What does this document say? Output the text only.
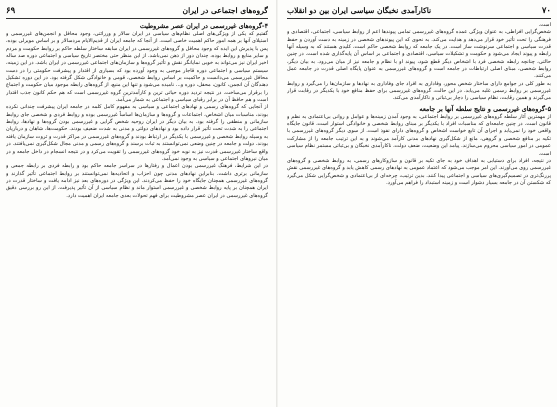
گروه‌های اجتماعی در ایران
۶۹
۴-گروه‌های غیررسمی در ایران عصر مشروطیت

گفتیم که یکی از ویژگی‌های اصلی نظام‌های سیاسی در ایران سالار و ورراثتی، وجود محافل و انجمن‌های غیررسمی و استیلای آنها بر همه امور حاکم اهمیت خاصی است. از آنجا که جامعه ایران از قدیم‌الایام مردسالار و بر اساس مویرلی بوده، پس با پذیرش این ایده که وجود محافل و گروه‌های غیررسمی در ایران سابقه ساختار سلطه حاکم بر روابط حکومت و مردم و سایر منابع و روابط بوده، چندان دور از ذهن نمی‌باشد. از این منظر حتی مختصر تاریخ سیاسی و اجتماعی دوره صد ساله اخیر ایران نیز می‌تواند به خوبی نمایانگر نقش و تأثیر گروه‌ها و سازمان‌های اجتماعی غیررسمی در ایران باشد. در این زمینه، سیستم سیاسی و اجتماعی دوره قاجار موجبی به وجود آورده بود که بسیاری از اقتدار و پیشرفت حکومتی را در دست محافل غیررسمی می‌دانست و حاکمیت بر اساس روابط شخصی، قومی و خانوادگی شکل گرفته بود. در این دوره تشکیل دهندگان آن انجمن، کانون، محفل، دوره و... نامیده می‌شود و تنها این منبع، از گروه‌های رابطه موجود میان حکومت و اجتماع را برقرار می‌ساخت. در نتیجه تردید دوره حیاتی ترین و کارآمدترین گروه غیررسمی است که هم حکم کانون جذب اقتدار است و هم حافظ آن در برابر رقبای سیاسی و اجتماعی به شمار می‌آمد.

از آنجایی که گروه‌های رسمی و نهادهای اجتماعی و سیاسی به مفهوم کامل کلمه در جامعه ایران پیشرفت چندانی نکرده بودند، مناسبات میان اشخاص، اجتماعات و گروه‌ها و سازمان‌ها اساساً غیررسمی بوده و روابط فردی و شخصی جای روابط سازمانی و منطقی را گرفته بود. به بیان دیگر در ایران روحیه شخص گرایی و غیررسمی بودن گروه‌ها و نهادها، روابط اجتماعی را به شدت تحت تأثیر قرار داده بود و نهادهای دولتی و مدنی به شدت ضعیف بودند. حکومت‌ها، شاهان و درباریان به وسیله روابط شخصی و غیررسمی با یکدیگر در ارتباط بودند و گروه‌های غیررسمی در مراکز قدرت و ثروت سازمان یافته بودند. دولت و جامعه در چنین وضعی نمی‌توانستند به ثبات برسند و گروه‌های رسمی و مدنی مجال شکل‌گیری نمی‌یافتند. در واقع ساختار غیررسمی قدرت نیز به نوبه خود گروه‌های غیررسمی را تقویت می‌کرد و در نتیجه انسجام در داخل جامعه و در میان نیروهای اجتماعی و سیاسی به وجود نمی‌آمد.

در این شرایط، فرهنگ غیررسمی بودن اعمال و رفتارها در سراسر جامعه حاکم بود و رابطه فردی بر رابطه جمعی و سازمانی برتری داشت. بنابراین نهادهای مدنی چون احزاب و اتحادیه‌ها نمی‌توانستند بر روابط اجتماعی تأثیر گذارند و گروه‌های غیررسمی همچنان جایگاه خود را حفظ می‌کردند. این ویژگی در دوره‌های بعد نیز ادامه یافت و ساختار قدرت در ایران همچنان بر پایه روابط شخصی و غیررسمی استوار ماند و نظام سیاسی از آن تأثیر پذیرفت. از این رو بررسی دقیق گروه‌های غیررسمی در ایران عصر مشروطیت برای فهم تحولات بعدی جامعه ایران اهمیت دارد.

۷۰
ناکارآمدی نخبگان سیاسی ایران بین دو انقلاب

است.

شخص‌گرایی افراطی، به عنوان ویژگی عمده گروه‌های غیررسمی تمامی پیوندها اعم از روابط سیاسی، اجتماعی، اقتصادی و فرهنگی را تحت تأثیر خود قرار می‌دهد و هدایت می‌کند. به نحوی که این پیوندهای شخصی در زمینه به دست آوردن و حفظ قدرت سیاسی و اجتماعی سرنوشت ساز است. در یک جامعه که روابط شخصی حاکم است، کلیدی هستند که به وسیله آنها رابطه و پیوند ایجاد می‌شود و حکومت و تشکیلات سیاسی، اقتصادی و اجتماعی بر اساس آن پایه‌گذاری شده است. در چنین حالتی، چنانچه رابطه شخصی فرد با اشخاص دیگر قطع شود، پیوند او با نظام و جامعه نیز از میان می‌رود. به بیان دیگر، روابط شخصی، مبنای اصلی ارتباطات در جامعه است و گروه‌های غیررسمی به عنوان پایگاه اصلی قدرت در جامعه عمل می‌کنند.

به طور کلی در جوامع دارای ساختار شخص محور، وفاداری به افراد جای وفاداری به نهادها و سازمان‌ها را می‌گیرد و روابط غیررسمی بر روابط رسمی غلبه می‌یابد. در این حالت، گروه‌های غیررسمی برای حفظ منافع خود با یکدیگر در رقابت قرار می‌گیرند و همین رقابت، نظام سیاسی را دچار بی‌ثباتی و ناکارآمدی می‌کند.

۵-گروه‌های غیررسمی و نتایج سلطه آنها بر جامعه

از مهمترین آثار سلطه گروه‌های غیررسمی بر روابط اجتماعی، به وجود آمدن زمینه‌ها و عوامل و روانی بی‌اعتمادی به نظم و قانون است. در چنین جامعه‌ای که مناسبات افراد با یکدیگر بر مبنای روابط شخصی و خانوادگی استوار است، قانون جایگاه واقعی خود را نمی‌یابد و اجرای آن تابع خواست اشخاص و گروه‌های دارای نفوذ است. از سوی دیگر گروه‌های غیررسمی با تکیه بر منافع شخصی و گروهی، مانع از شکل‌گیری نهادهای مدنی کارآمد می‌شوند و به این ترتیب جامعه را از مشارکت عمومی در امور سیاسی محروم می‌سازند. پیامد این وضعیت، ضعف دولت، ناکارآمدی نخبگان و بی‌ثباتی مستمر نظام سیاسی است.

در نتیجه، افراد برای دستیابی به اهداف خود به جای تکیه بر قانون و سازوکارهای رسمی، به روابط شخصی و گروه‌های غیررسمی روی می‌آورند. این امر موجب می‌شود که اعتماد عمومی به نهادهای رسمی کاهش یابد و گروه‌های غیررسمی نقش پررنگ‌تری در تصمیم‌گیری‌های سیاسی و اجتماعی پیدا کنند. بدین ترتیب، چرخه‌ای از بی‌اعتمادی و شخص‌گرایی شکل می‌گیرد که شکستن آن در جامعه بسیار دشوار است و زمینه استبداد را فراهم می‌آورد.
